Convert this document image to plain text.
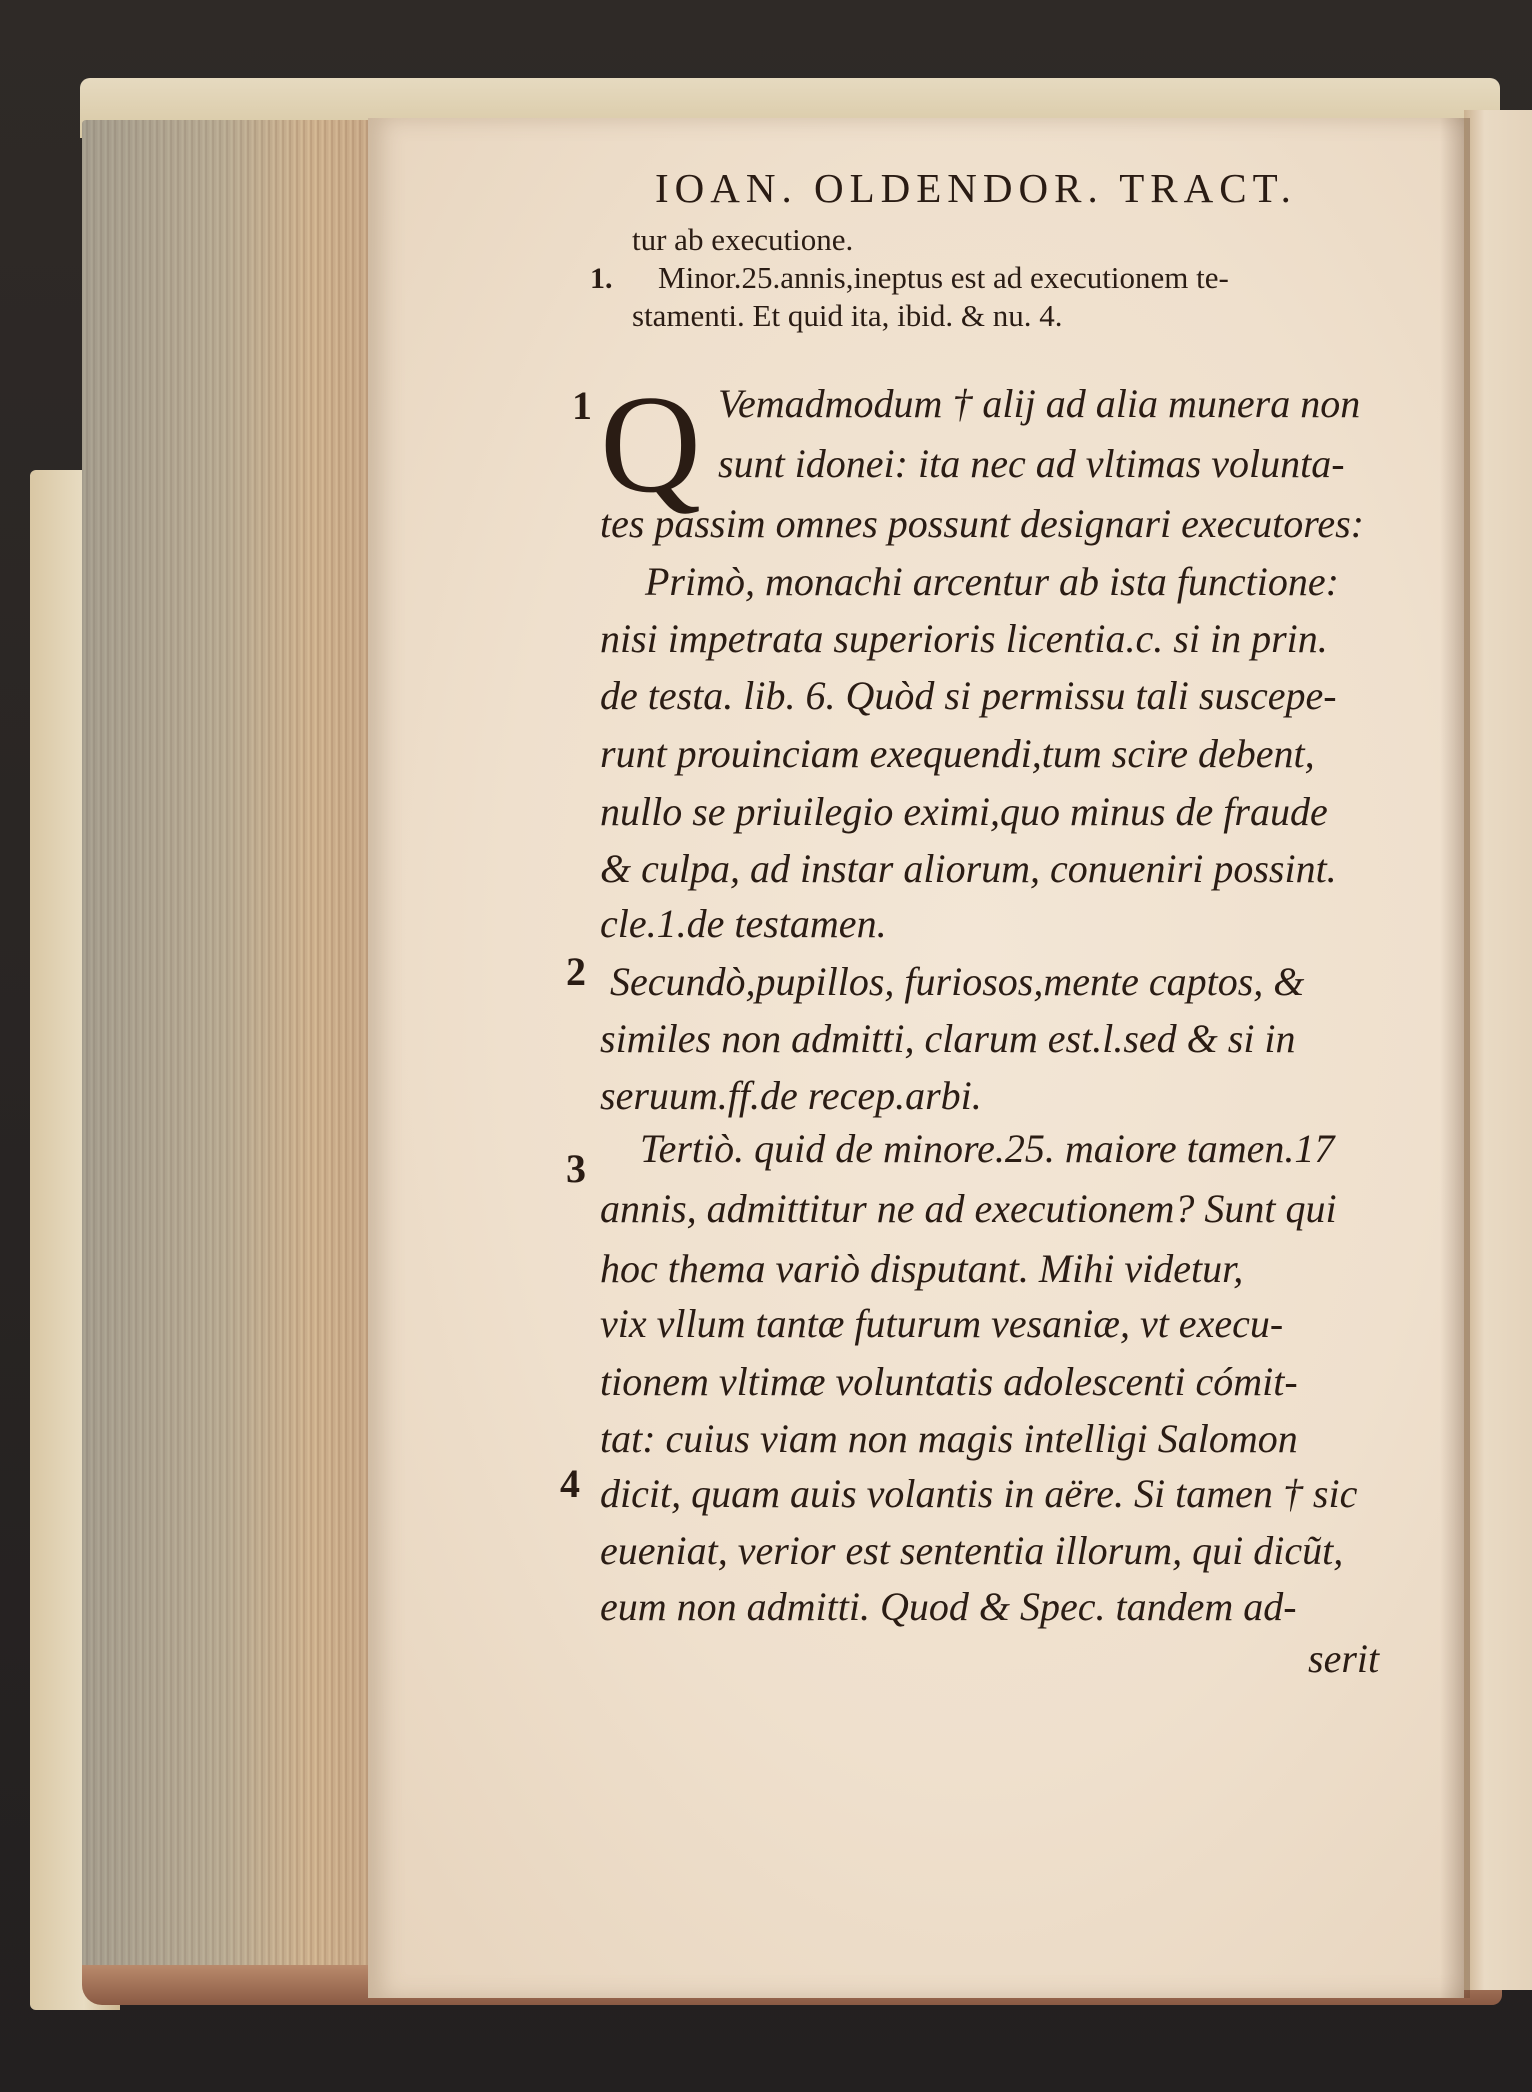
IOAN. OLDENDOR. TRACT.
tur ab executione.
1. Minor.25.annis,ineptus est ad executionem te-
stamenti. Et quid ita, ibid. & nu. 4.
Q
1
2
3
4
Vemadmodum † alij ad alia munera non
sunt idonei: ita nec ad vltimas volunta-
tes passim omnes possunt designari executores:
Primò, monachi arcentur ab ista functione:
nisi impetrata superioris licentia.c. si in prin.
de testa. lib. 6. Quòd si permissu tali suscepe-
runt prouinciam exequendi,tum scire debent,
nullo se priuilegio eximi,quo minus de fraude
& culpa, ad instar aliorum, conueniri possint.
cle.1.de testamen.
Secundò,pupillos, furiosos,mente captos, &
similes non admitti, clarum est.l.sed & si in
seruum.ff.de recep.arbi.
Tertiò. quid de minore.25. maiore tamen.17
annis, admittitur ne ad executionem? Sunt qui
hoc thema variò disputant. Mihi videtur,
vix vllum tantæ futurum vesaniæ, vt execu-
tionem vltimæ voluntatis adolescenti cómit-
tat: cuius viam non magis intelligi Salomon
dicit, quam auis volantis in aëre. Si tamen † sic
eueniat, verior est sententia illorum, qui dicũt,
eum non admitti. Quod & Spec. tandem ad-
serit
